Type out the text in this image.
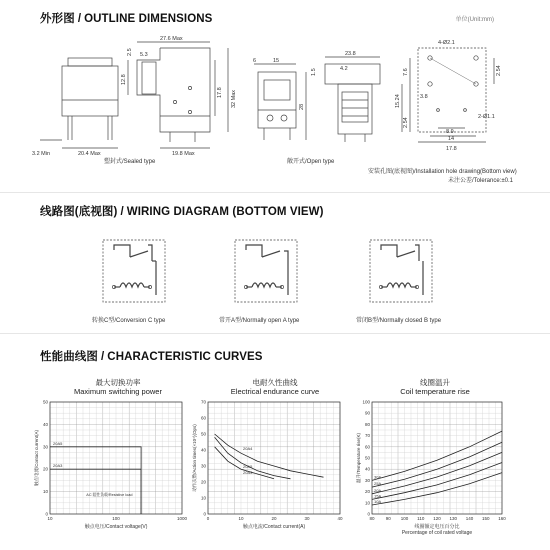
外形图 / OUTLINE DIMENSIONS	单位(Unit:mm)
27.6 Max
2.5 5.3
12.8
17.8 32 Max
20.4 Max	19.8 Max
3.2 Min
6	15
23.8
4.2
1.5
28
4-Ø2.1
7.6	2.54
15.24	3.8
2.54
2-Ø1.1
8.9
14
17.8
塑封式/Sealed type	敞开式/Open type
安装孔图(底视图)/Installation hole drawing(Bottom view)
未注公差/Tolerance:±0.1
线路图(底视图) / WIRING DIAGRAM (BOTTOM VIEW)
转换C型/Conversion C type	常开A型/Normally open A type	常闭B型/Normally closed B type
性能曲线图 / CHARACTERISTIC CURVES
最大切换功率
Maximum switching power
电耐久性曲线
Electrical endurance curve
线圈温升
Coil temperature rise
10	100	1000
0
10
20
30
40
50
触点电压/Contact voltage(V)
触点电流/Contact current(A)	20A5
20A3
AC 阻性负载/Resistive load
0	10	20	30	40
0
10
20
30
40
50
60
70
触点电流/Contact current(A)
动作次数/Action times(×10⁴)(Ops)	20A4
20A5
20A3
80 90 100 110 120 130 140 150 160
0
10
20
30
40
50
60
70
80
90
100
线圈额定电压百分比
Percentage of coil rated voltage
温升/Temperature rise(K)	30A
25A
20A
15A
10A
